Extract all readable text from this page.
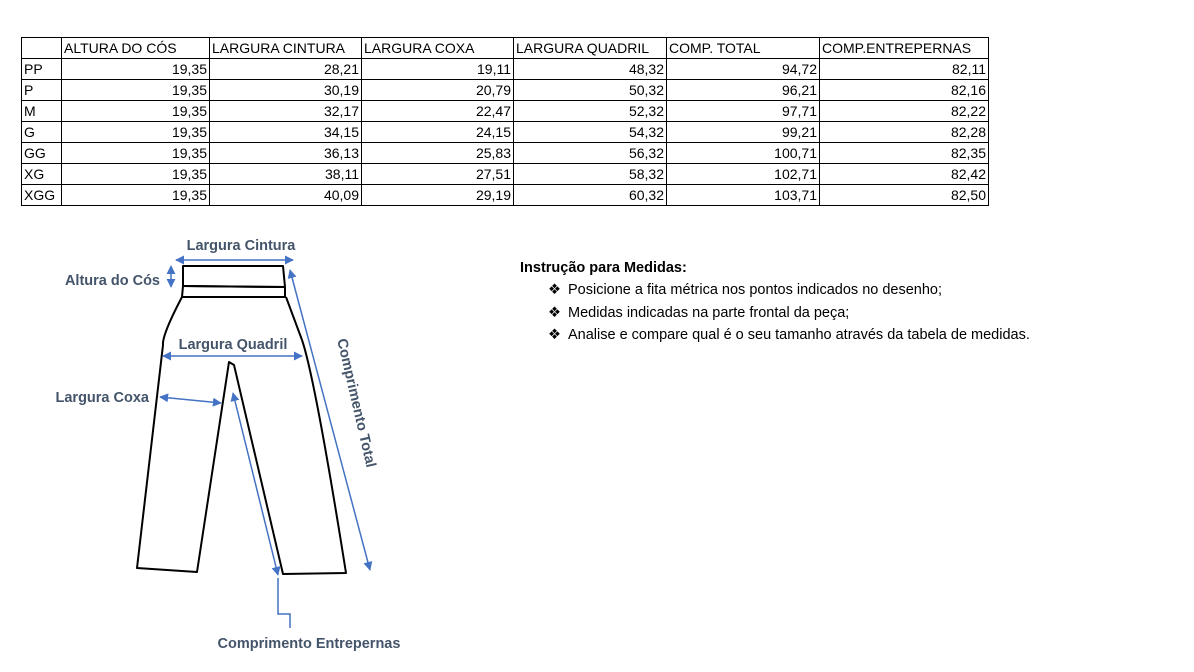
	ALTURA DO CÓS	LARGURA CINTURA	LARGURA COXA	LARGURA QUADRIL	COMP. TOTAL	COMP.ENTREPERNAS
PP	19,35	28,21	19,11	48,32	94,72	82,11
P	19,35	30,19	20,79	50,32	96,21	82,16
M	19,35	32,17	22,47	52,32	97,71	82,22
G	19,35	34,15	24,15	54,32	99,21	82,28
GG	19,35	36,13	25,83	56,32	100,71	82,35
XG	19,35	38,11	27,51	58,32	102,71	82,42
XGG	19,35	40,09	29,19	60,32	103,71	82,50
Largura Cintura
Altura do Cós
Largura Quadril
Largura Coxa	Comprimento Total
Comprimento Entrepernas
Instrução para Medidas:
❖ Posicione a fita métrica nos pontos indicados no desenho;
❖ Medidas indicadas na parte frontal da peça;
❖ Analise e compare qual é o seu tamanho através da tabela de medidas.
